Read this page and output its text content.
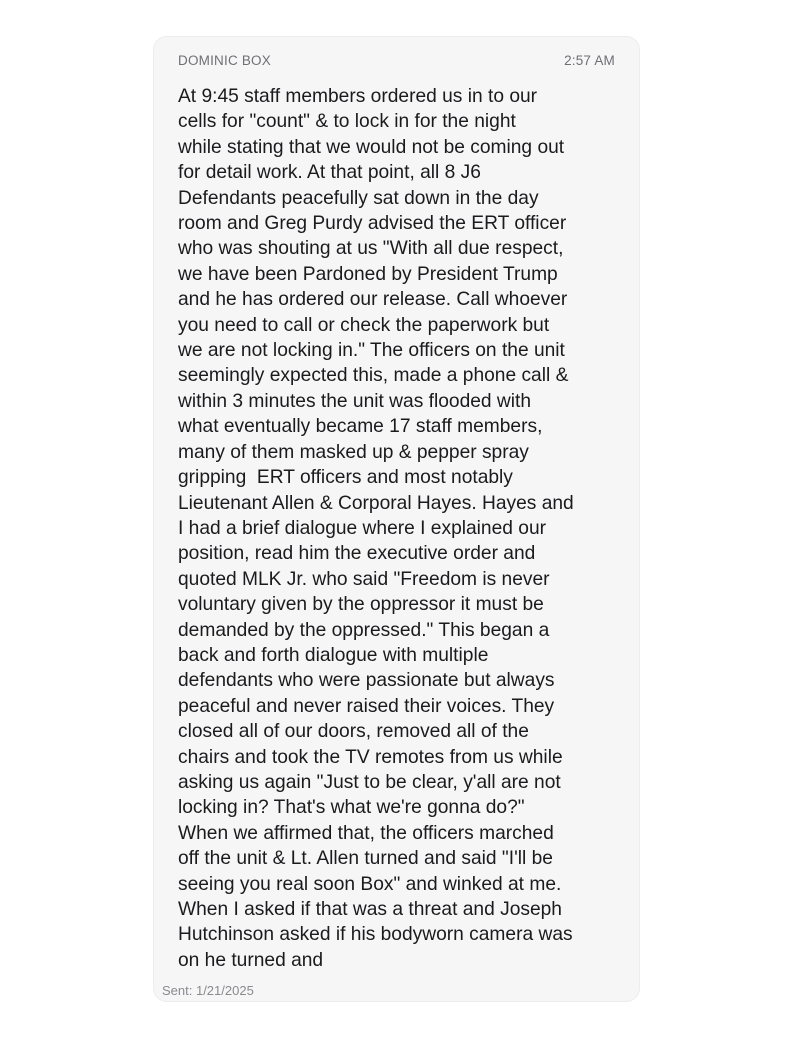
DOMINIC BOX	2:57 AM
At 9:45 staff members ordered us in to our
cells for "count" & to lock in for the night
while stating that we would not be coming out
for detail work. At that point, all 8 J6
Defendants peacefully sat down in the day
room and Greg Purdy advised the ERT officer
who was shouting at us "With all due respect,
we have been Pardoned by President Trump
and he has ordered our release. Call whoever
you need to call or check the paperwork but
we are not locking in." The officers on the unit
seemingly expected this, made a phone call &
within 3 minutes the unit was flooded with
what eventually became 17 staff members,
many of them masked up & pepper spray
gripping  ERT officers and most notably
Lieutenant Allen & Corporal Hayes. Hayes and
I had a brief dialogue where I explained our
position, read him the executive order and
quoted MLK Jr. who said "Freedom is never
voluntary given by the oppressor it must be
demanded by the oppressed." This began a
back and forth dialogue with multiple
defendants who were passionate but always
peaceful and never raised their voices. They
closed all of our doors, removed all of the
chairs and took the TV remotes from us while
asking us again "Just to be clear, y'all are not
locking in? That's what we're gonna do?"
When we affirmed that, the officers marched
off the unit & Lt. Allen turned and said "I'll be
seeing you real soon Box" and winked at me.
When I asked if that was a threat and Joseph
Hutchinson asked if his bodyworn camera was
on he turned and
Sent: 1/21/2025
